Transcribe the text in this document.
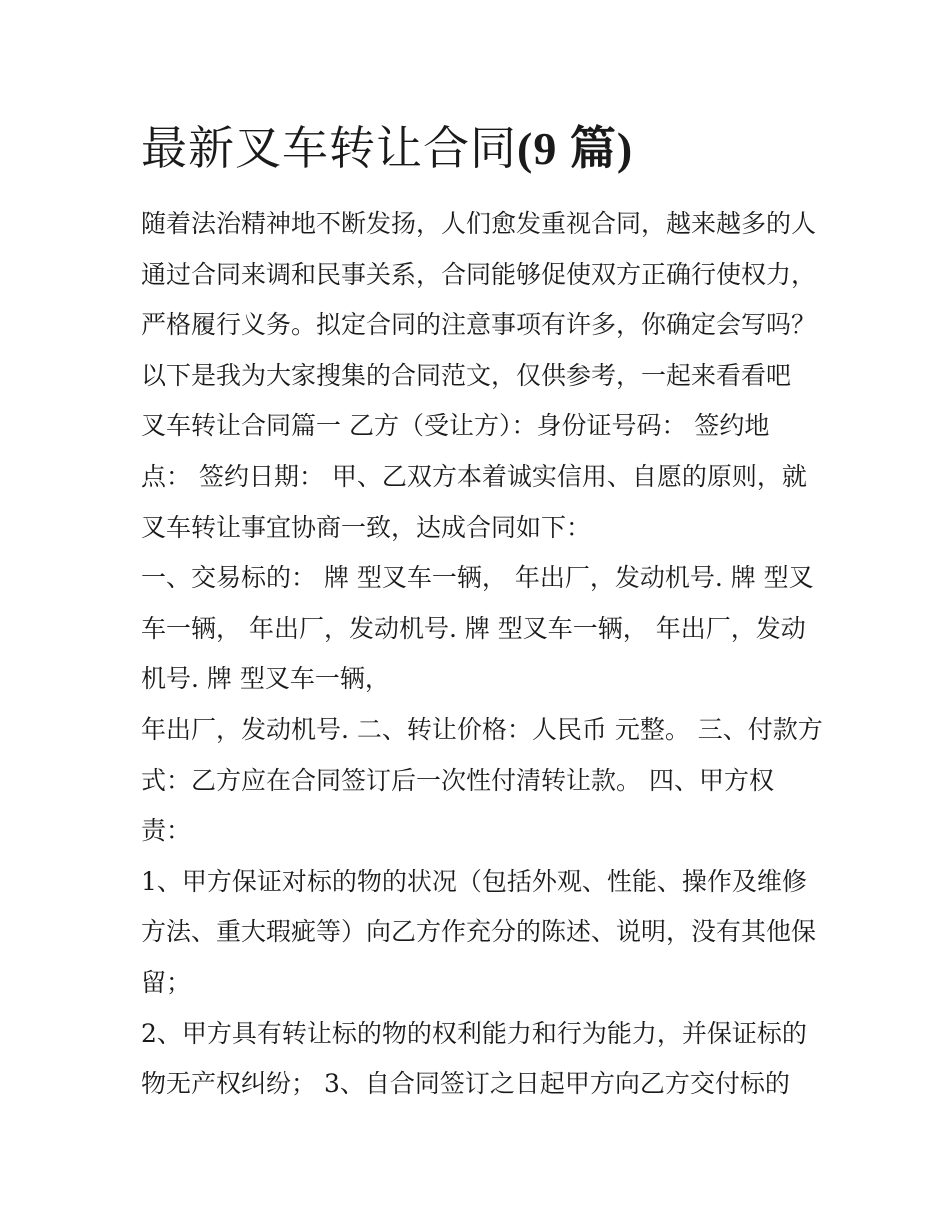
最新叉车转让合同(9 篇)
随着法治精神地不断发扬，人们愈发重视合同，越来越多的人
通过合同来调和民事关系，合同能够促使双方正确行使权力，
严格履行义务。拟定合同的注意事项有许多，你确定会写吗？
以下是我为大家搜集的合同范文，仅供参考，一起来看看吧
叉车转让合同篇一 乙方（受让方）：身份证号码： 签约地
点： 签约日期： 甲、乙双方本着诚实信用、自愿的原则，就
叉车转让事宜协商一致，达成合同如下：
一、交易标的： 牌 型叉车一辆， 年出厂，发动机号. 牌 型叉
车一辆， 年出厂，发动机号. 牌 型叉车一辆， 年出厂，发动
机号. 牌 型叉车一辆，
年出厂，发动机号. 二、转让价格：人民币 元整。 三、付款方
式：乙方应在合同签订后一次性付清转让款。 四、甲方权
责：
1、甲方保证对标的物的状况（包括外观、性能、操作及维修
方法、重大瑕疵等）向乙方作充分的陈述、说明，没有其他保
留；
2、甲方具有转让标的物的权利能力和行为能力，并保证标的
物无产权纠纷； 3、自合同签订之日起甲方向乙方交付标的
